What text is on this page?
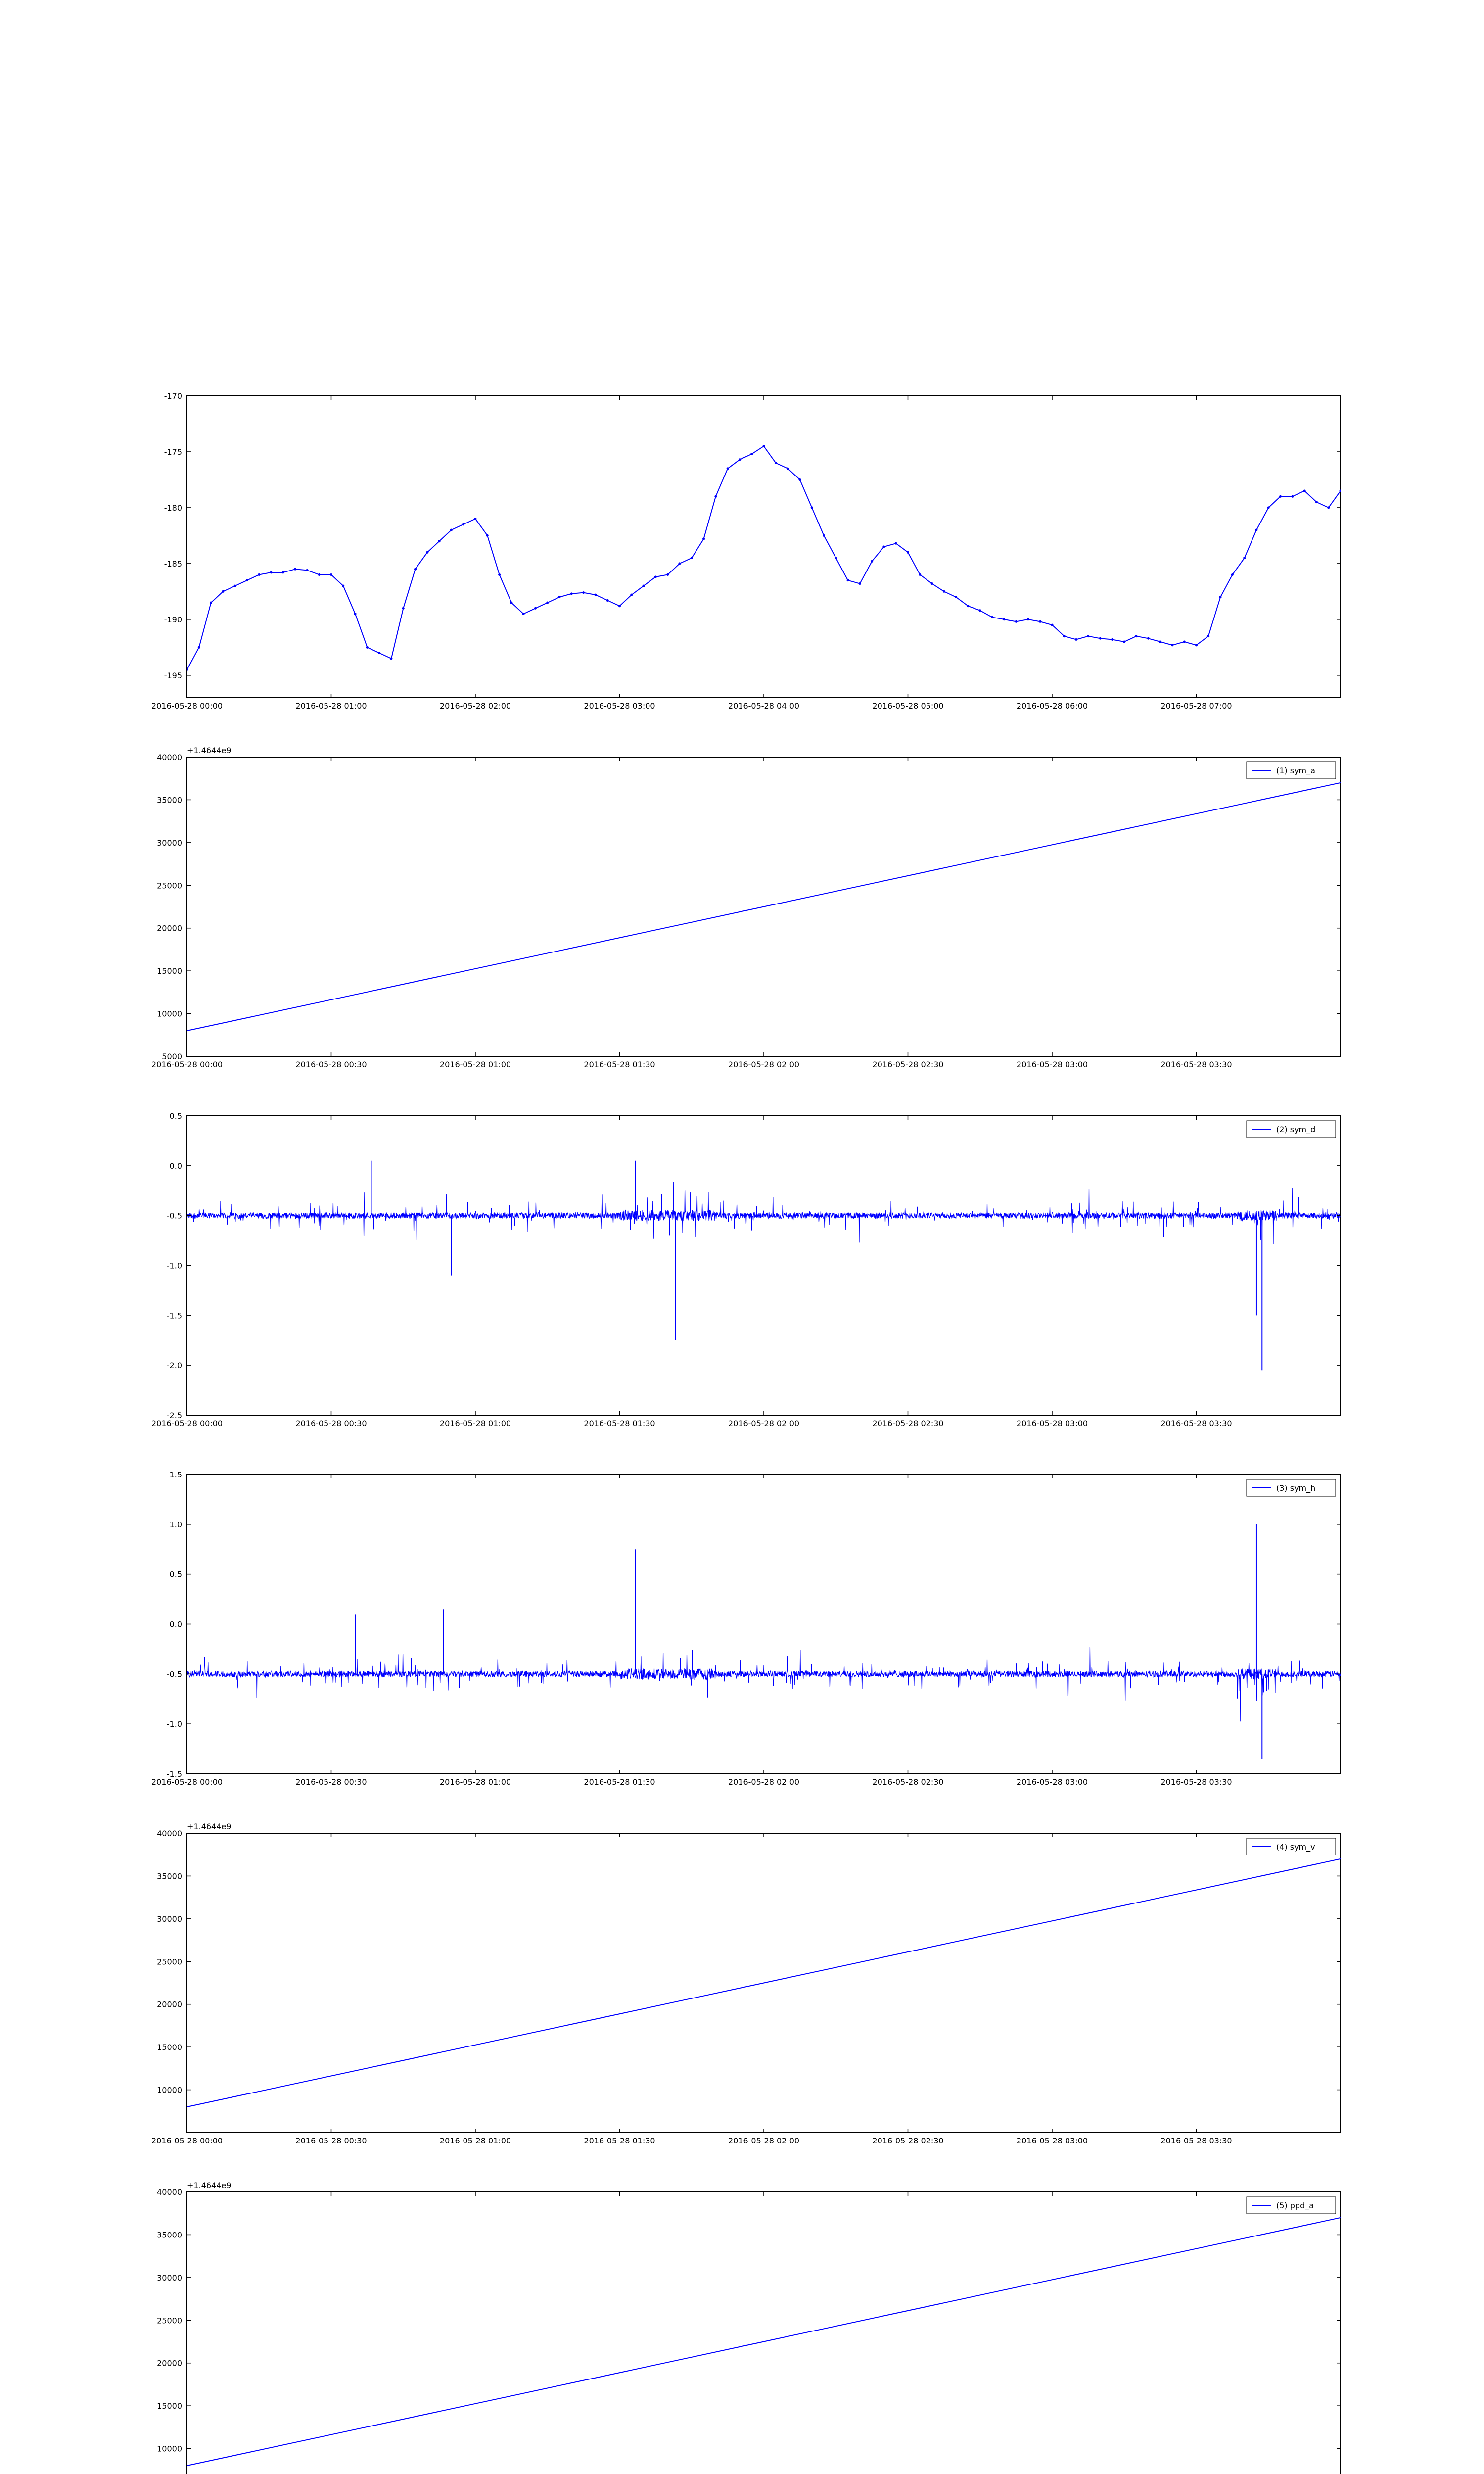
-170
-175
-180
-185
-190
-195
2016-05-28 00:00	2016-05-28 01:00	2016-05-28 02:00	2016-05-28 03:00	2016-05-28 04:00	2016-05-28 05:00	2016-05-28 06:00	2016-05-28 07:00
5000
10000
15000
20000
25000
30000
35000
40000
2016-05-28 00:00	2016-05-28 00:30	2016-05-28 01:00	2016-05-28 01:30	2016-05-28 02:00	2016-05-28 02:30	2016-05-28 03:00	2016-05-28 03:30
+1.4644e9
(1) sym_a
0.5
0.0
-0.5
-1.0
-1.5
-2.0
-2.5
2016-05-28 00:00	2016-05-28 00:30	2016-05-28 01:00	2016-05-28 01:30	2016-05-28 02:00	2016-05-28 02:30	2016-05-28 03:00	2016-05-28 03:30
(2) sym_d
1.5
1.0
0.5
0.0
-0.5
-1.0
-1.5
2016-05-28 00:00	2016-05-28 00:30	2016-05-28 01:00	2016-05-28 01:30	2016-05-28 02:00	2016-05-28 02:30	2016-05-28 03:00	2016-05-28 03:30
(3) sym_h
10000
15000
20000
25000
30000
35000
40000
2016-05-28 00:00	2016-05-28 00:30	2016-05-28 01:00	2016-05-28 01:30	2016-05-28 02:00	2016-05-28 02:30	2016-05-28 03:00	2016-05-28 03:30
+1.4644e9
(4) sym_v
10000
15000
20000
25000
30000
35000
40000
+1.4644e9
(5) ppd_a
